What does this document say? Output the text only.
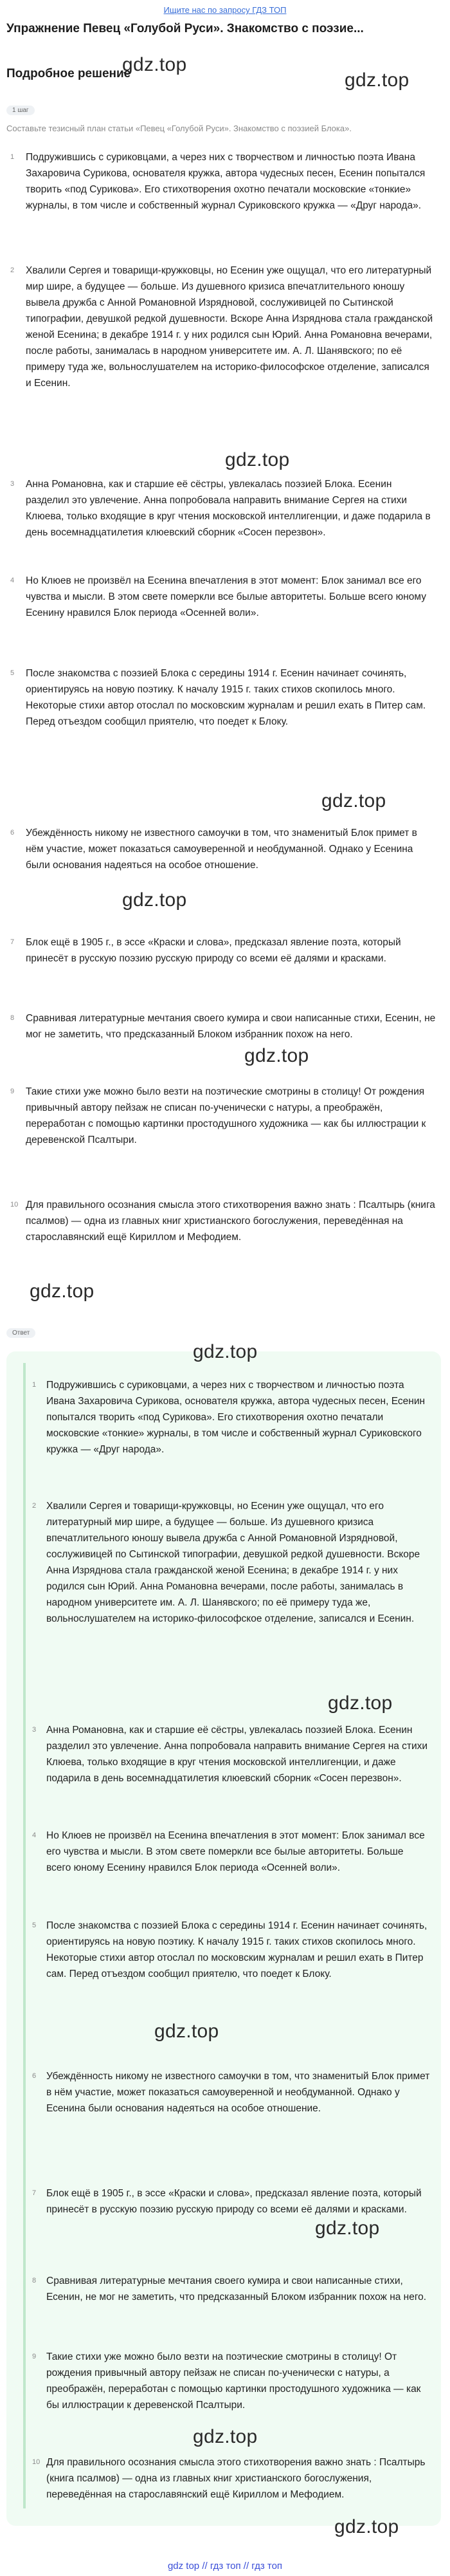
Ищите нас по запросу ГДЗ ТОП
Упражнение Певец «Голубой Руси». Знакомство с поэзие...
gdz.top
Подробное решение	gdz.top
1 шаг
Составьте тезисный план статьи «Певец «Голубой Руси». Знакомство с поэзией Блока».
1 Подружившись с суриковцами, а через них с творчеством и личностью поэта Ивана Захаровича Сурикова, основателя кружка, автора чудесных песен, Есенин попытался творить «под Сурикова». Его стихотворения охотно печатали московские «тонкие» журналы, в том числе и собственный журнал Суриковского кружка — «Друг народа».
2 Хвалили Сергея и товарищи-кружковцы, но Есенин уже ощущал, что его литературный мир шире, а будущее — больше. Из душевного кризиса впечатлительного юношу вывела дружба с Анной Романовной Изрядновой, сослуживицей по Сытинской типографии, девушкой редкой душевности. Вскоре Анна Изряднова стала гражданской женой Есенина; в декабре 1914 г. у них родился сын Юрий. Анна Романовна вечерами, после работы, занималась в народном университете им. А. Л. Шанявского; по её примеру туда же, вольнослушателем на историко-философское отделение, записался и Есенин.
gdz.top
3 Анна Романовна, как и старшие её сёстры, увлекалась поэзией Блока. Есенин разделил это увлечение. Анна попробовала направить внимание Сергея на стихи Клюева, только входящие в круг чтения московской интеллигенции, и даже подарила в день восемнадцатилетия клюевский сборник «Сосен перезвон».
4 Но Клюев не произвёл на Есенина впечатления в этот момент: Блок занимал все его чувства и мысли. В этом свете померкли все былые авторитеты. Больше всего юному Есенину нравился Блок периода «Осенней воли».
5 После знакомства с поэзией Блока с середины 1914 г. Есенин начинает сочинять, ориентируясь на новую поэтику. К началу 1915 г. таких стихов скопилось много. Некоторые стихи автор отослал по московским журналам и решил ехать в Питер сам. Перед отъездом сообщил приятелю, что поедет к Блоку.
gdz.top
6 Убеждённость никому не известного самоучки в том, что знаменитый Блок примет в нём участие, может показаться самоуверенной и необдуманной. Однако у Есенина были основания надеяться на особое отношение.
gdz.top
7 Блок ещё в 1905 г., в эссе «Краски и слова», предсказал явление поэта, который принесёт в русскую поэзию русскую природу со всеми её далями и красками.
8 Сравнивая литературные мечтания своего кумира и свои написанные стихи, Есенин, не мог не заметить, что предсказанный Блоком избранник похож на него.
gdz.top
9 Такие стихи уже можно было везти на поэтические смотрины в столицу! От рождения привычный автору пейзаж не списан по-ученически с натуры, а преображён, переработан с помощью картинки простодушного художника — как бы иллюстрации к деревенской Псалтыри.
10 Для правильного осознания смысла этого стихотворения важно знать : Псалтырь (книга псалмов) — одна из главных книг христианского богослужения, переведённая на старославянский ещё Кириллом и Мефодием.
gdz.top
Ответ
gdz.top
1 Подружившись с суриковцами, а через них с творчеством и личностью поэта Ивана Захаровича Сурикова, основателя кружка, автора чудесных песен, Есенин попытался творить «под Сурикова». Его стихотворения охотно печатали московские «тонкие» журналы, в том числе и собственный журнал Суриковского кружка — «Друг народа».
2 Хвалили Сергея и товарищи-кружковцы, но Есенин уже ощущал, что его литературный мир шире, а будущее — больше. Из душевного кризиса впечатлительного юношу вывела дружба с Анной Романовной Изрядновой, сослуживицей по Сытинской типографии, девушкой редкой душевности. Вскоре Анна Изряднова стала гражданской женой Есенина; в декабре 1914 г. у них родился сын Юрий. Анна Романовна вечерами, после работы, занималась в народном университете им. А. Л. Шанявского; по её примеру туда же, вольнослушателем на историко-философское отделение, записался и Есенин.
gdz.top
3 Анна Романовна, как и старшие её сёстры, увлекалась поэзией Блока. Есенин разделил это увлечение. Анна попробовала направить внимание Сергея на стихи Клюева, только входящие в круг чтения московской интеллигенции, и даже подарила в день восемнадцатилетия клюевский сборник «Сосен перезвон».
4 Но Клюев не произвёл на Есенина впечатления в этот момент: Блок занимал все его чувства и мысли. В этом свете померкли все былые авторитеты. Больше всего юному Есенину нравился Блок периода «Осенней воли».
5 После знакомства с поэзией Блока с середины 1914 г. Есенин начинает сочинять, ориентируясь на новую поэтику. К началу 1915 г. таких стихов скопилось много. Некоторые стихи автор отослал по московским журналам и решил ехать в Питер сам. Перед отъездом сообщил приятелю, что поедет к Блоку.
gdz.top
6 Убеждённость никому не известного самоучки в том, что знаменитый Блок примет в нём участие, может показаться самоуверенной и необдуманной. Однако у Есенина были основания надеяться на особое отношение.
7 Блок ещё в 1905 г., в эссе «Краски и слова», предсказал явление поэта, который принесёт в русскую поэзию русскую природу со всеми её далями и красками.
gdz.top
8 Сравнивая литературные мечтания своего кумира и свои написанные стихи, Есенин, не мог не заметить, что предсказанный Блоком избранник похож на него.
9 Такие стихи уже можно было везти на поэтические смотрины в столицу! От рождения привычный автору пейзаж не списан по-ученически с натуры, а преображён, переработан с помощью картинки простодушного художника — как бы иллюстрации к деревенской Псалтыри.
gdz.top
10 Для правильного осознания смысла этого стихотворения важно знать : Псалтырь (книга псалмов) — одна из главных книг христианского богослужения, переведённая на старославянский ещё Кириллом и Мефодием.
gdz.top
gdz top // гдз топ // гдз топ
